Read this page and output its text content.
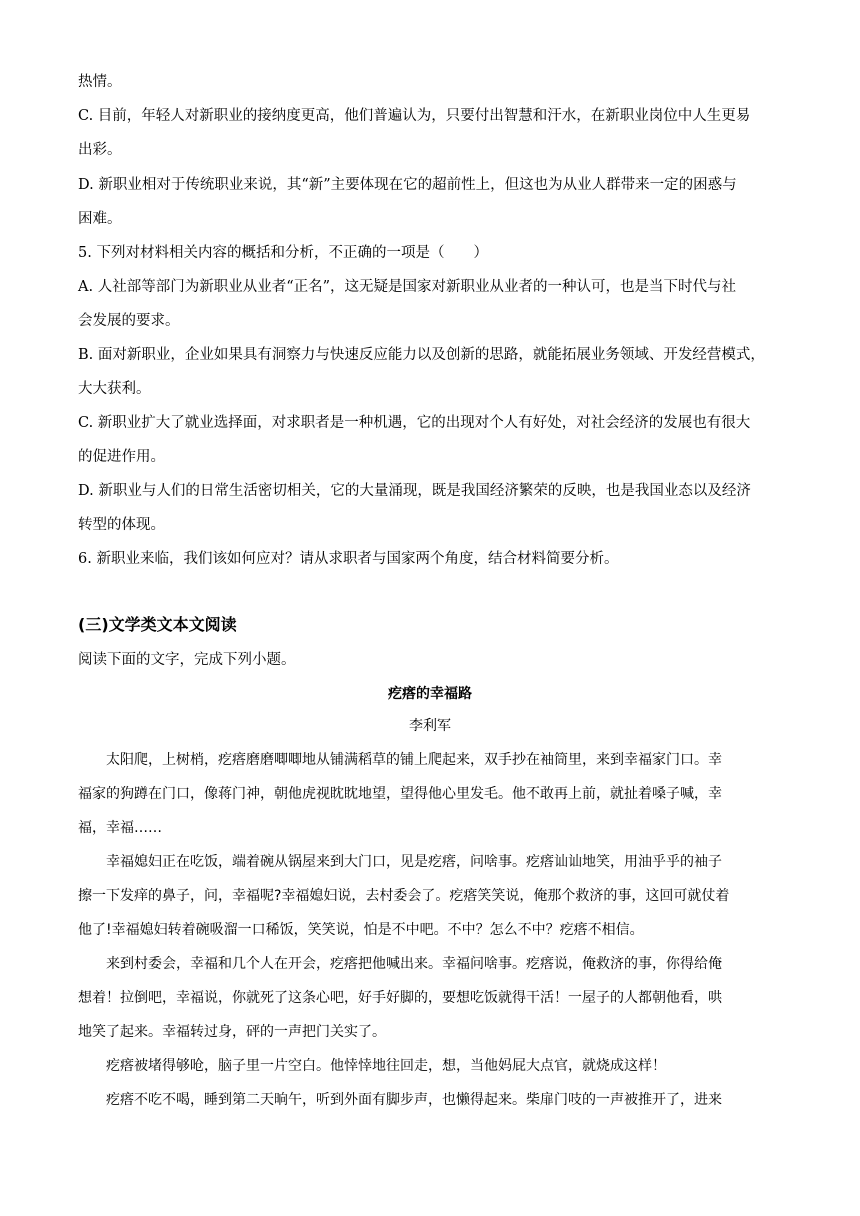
热情。
C. 目前，年轻人对新职业的接纳度更高，他们普遍认为，只要付出智慧和汗水，在新职业岗位中人生更易
出彩。
D. 新职业相对于传统职业来说，其“新”主要体现在它的超前性上，但这也为从业人群带来一定的困惑与
困难。
5. 下列对材料相关内容的概括和分析，不正确的一项是（　　）
A. 人社部等部门为新职业从业者“正名”，这无疑是国家对新职业从业者的一种认可，也是当下时代与社
会发展的要求。
B. 面对新职业，企业如果具有洞察力与快速反应能力以及创新的思路，就能拓展业务领域、开发经营模式，
大大获利。
C. 新职业扩大了就业选择面，对求职者是一种机遇，它的出现对个人有好处，对社会经济的发展也有很大
的促进作用。
D. 新职业与人们的日常生活密切相关，它的大量涌现，既是我国经济繁荣的反映，也是我国业态以及经济
转型的体现。
6. 新职业来临，我们该如何应对？请从求职者与国家两个角度，结合材料简要分析。
(三)文学类文本文阅读
阅读下面的文字，完成下列小题。
疙瘩的幸福路
李利军
太阳爬，上树梢，疙瘩磨磨唧唧地从铺满稻草的铺上爬起来，双手抄在袖筒里，来到幸福家门口。幸
福家的狗蹲在门口，像蒋门神，朝他虎视眈眈地望，望得他心里发毛。他不敢再上前，就扯着嗓子喊，幸
福，幸福……
幸福媳妇正在吃饭，端着碗从锅屋来到大门口，见是疙瘩，问啥事。疙瘩讪讪地笑，用油乎乎的袖子
擦一下发痒的鼻子，问，幸福呢?幸福媳妇说，去村委会了。疙瘩笑笑说，俺那个救济的事，这回可就仗着
他了!幸福媳妇转着碗吸溜一口稀饭，笑笑说，怕是不中吧。不中？怎么不中？疙瘩不相信。
来到村委会，幸福和几个人在开会，疙瘩把他喊出来。幸福问啥事。疙瘩说，俺救济的事，你得给俺
想着！拉倒吧，幸福说，你就死了这条心吧，好手好脚的，要想吃饭就得干活！一屋子的人都朝他看，哄
地笑了起来。幸福转过身，砰的一声把门关实了。
疙瘩被堵得够呛，脑子里一片空白。他悻悻地往回走，想，当他妈屁大点官，就烧成这样！
疙瘩不吃不喝，睡到第二天晌午，听到外面有脚步声，也懒得起来。柴扉门吱的一声被推开了，进来
